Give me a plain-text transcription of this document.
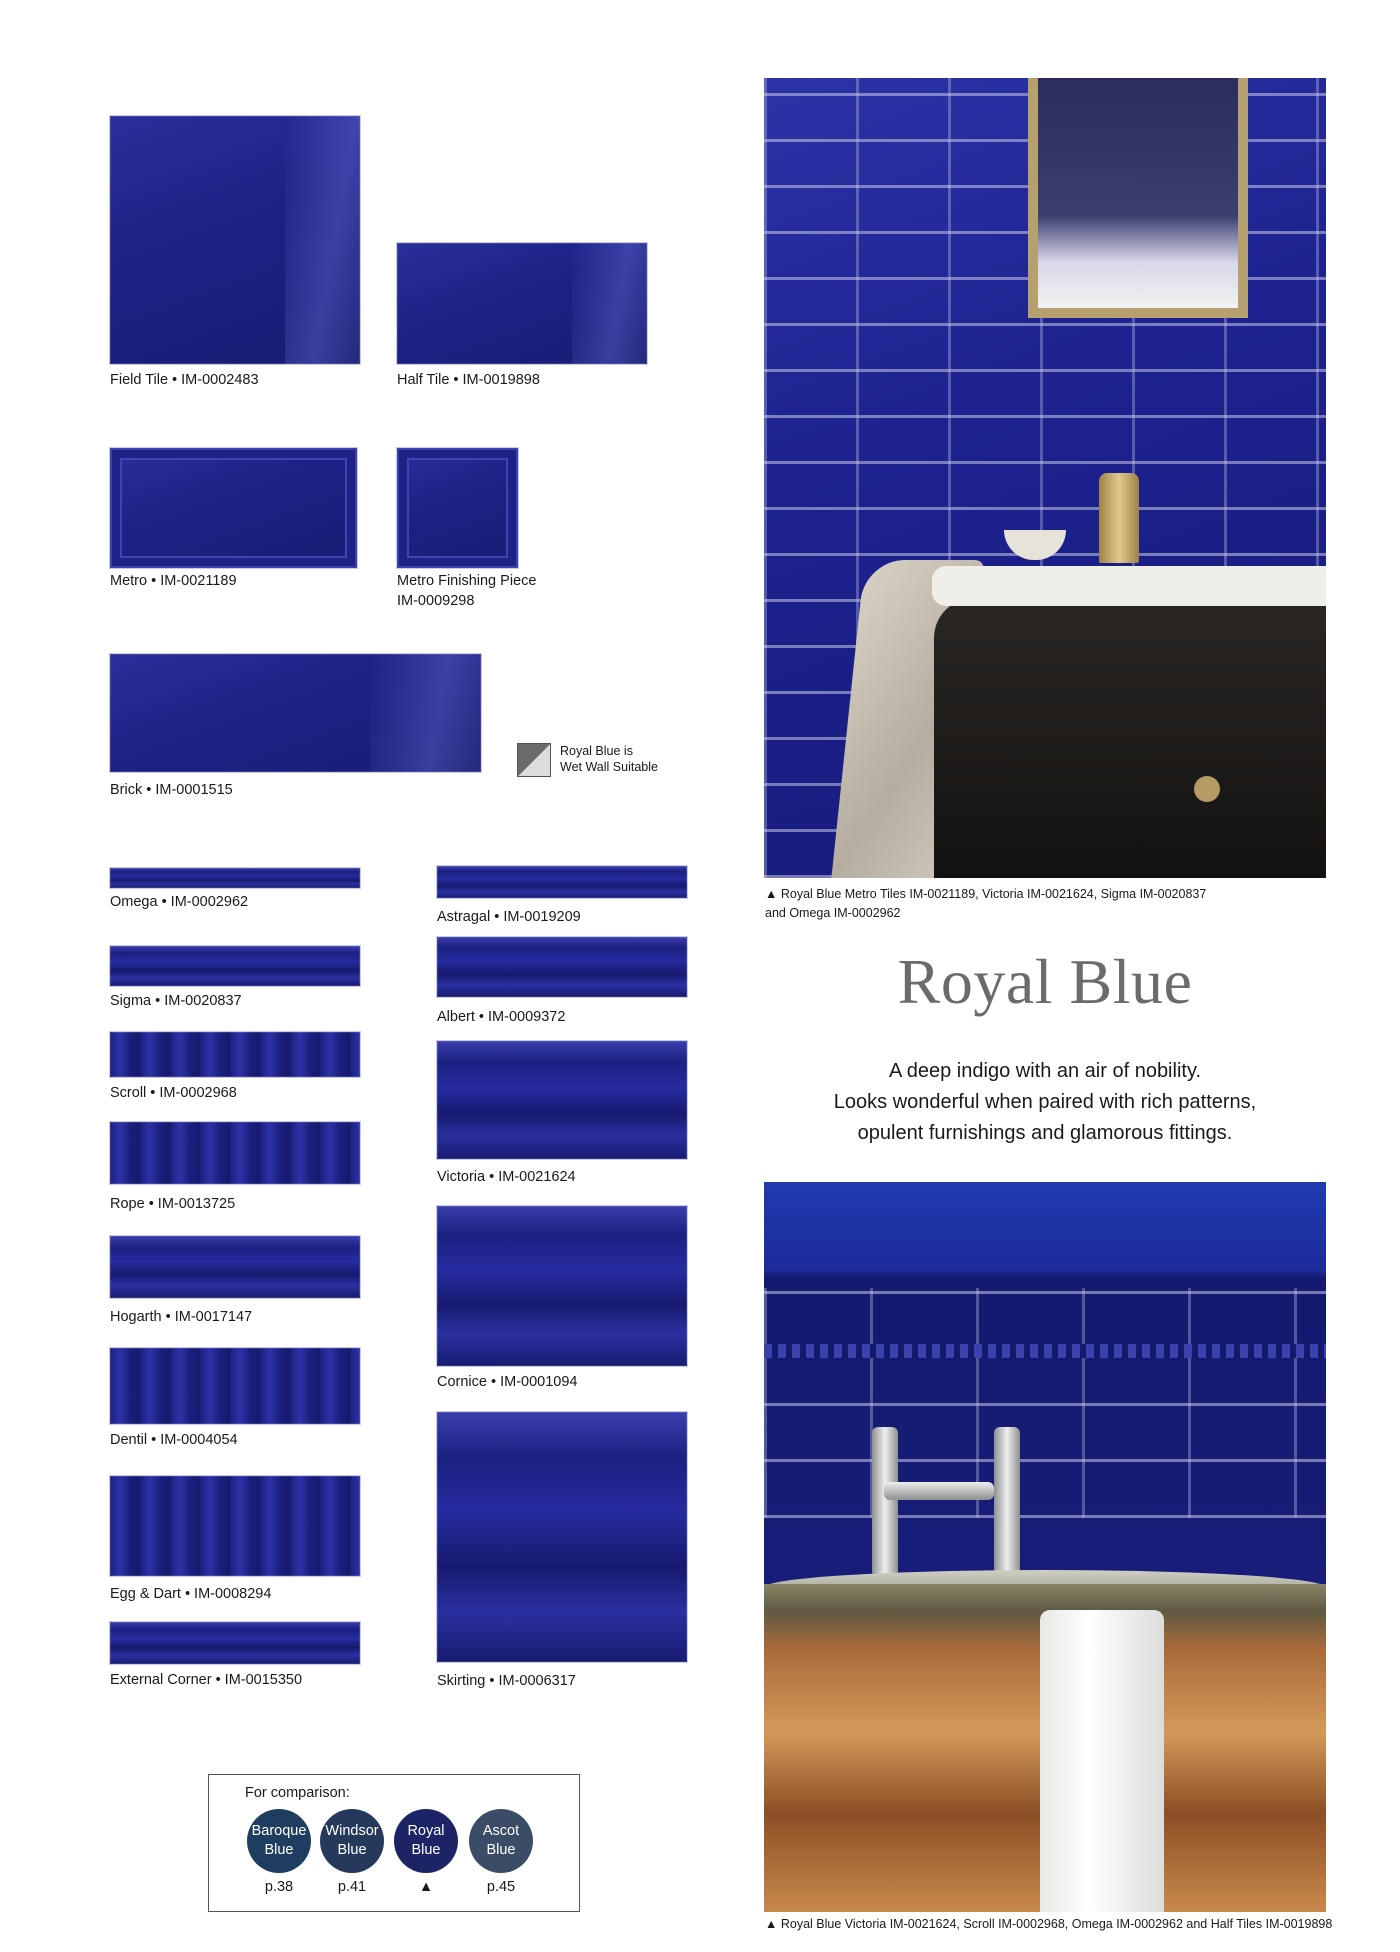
Field Tile • IM-0002483	Half Tile • IM-0019898
Metro • IM-0021189	Metro Finishing Piece
IM-0009298
Brick • IM-0001515
Royal Blue is
Wet Wall Suitable
Omega • IM-0002962
Sigma • IM-0020837
Scroll • IM-0002968
Rope • IM-0013725
Hogarth • IM-0017147
Dentil • IM-0004054
Egg & Dart • IM-0008294
External Corner • IM-0015350
Astragal • IM-0019209
Albert • IM-0009372
Victoria • IM-0021624
Cornice • IM-0001094
Skirting • IM-0006317
▲ Royal Blue Metro Tiles IM-0021189, Victoria IM-0021624, Sigma IM-0020837
and Omega IM-0002962
Royal Blue
A deep indigo with an air of nobility.
Looks wonderful when paired with rich patterns,
opulent furnishings and glamorous fittings.
▲ Royal Blue Victoria IM-0021624, Scroll IM-0002968, Omega IM-0002962 and Half Tiles IM-0019898
For comparison:
Baroque
Blue
p.38
Windsor
Blue
p.41
Royal
Blue
▲
Ascot
Blue
p.45
